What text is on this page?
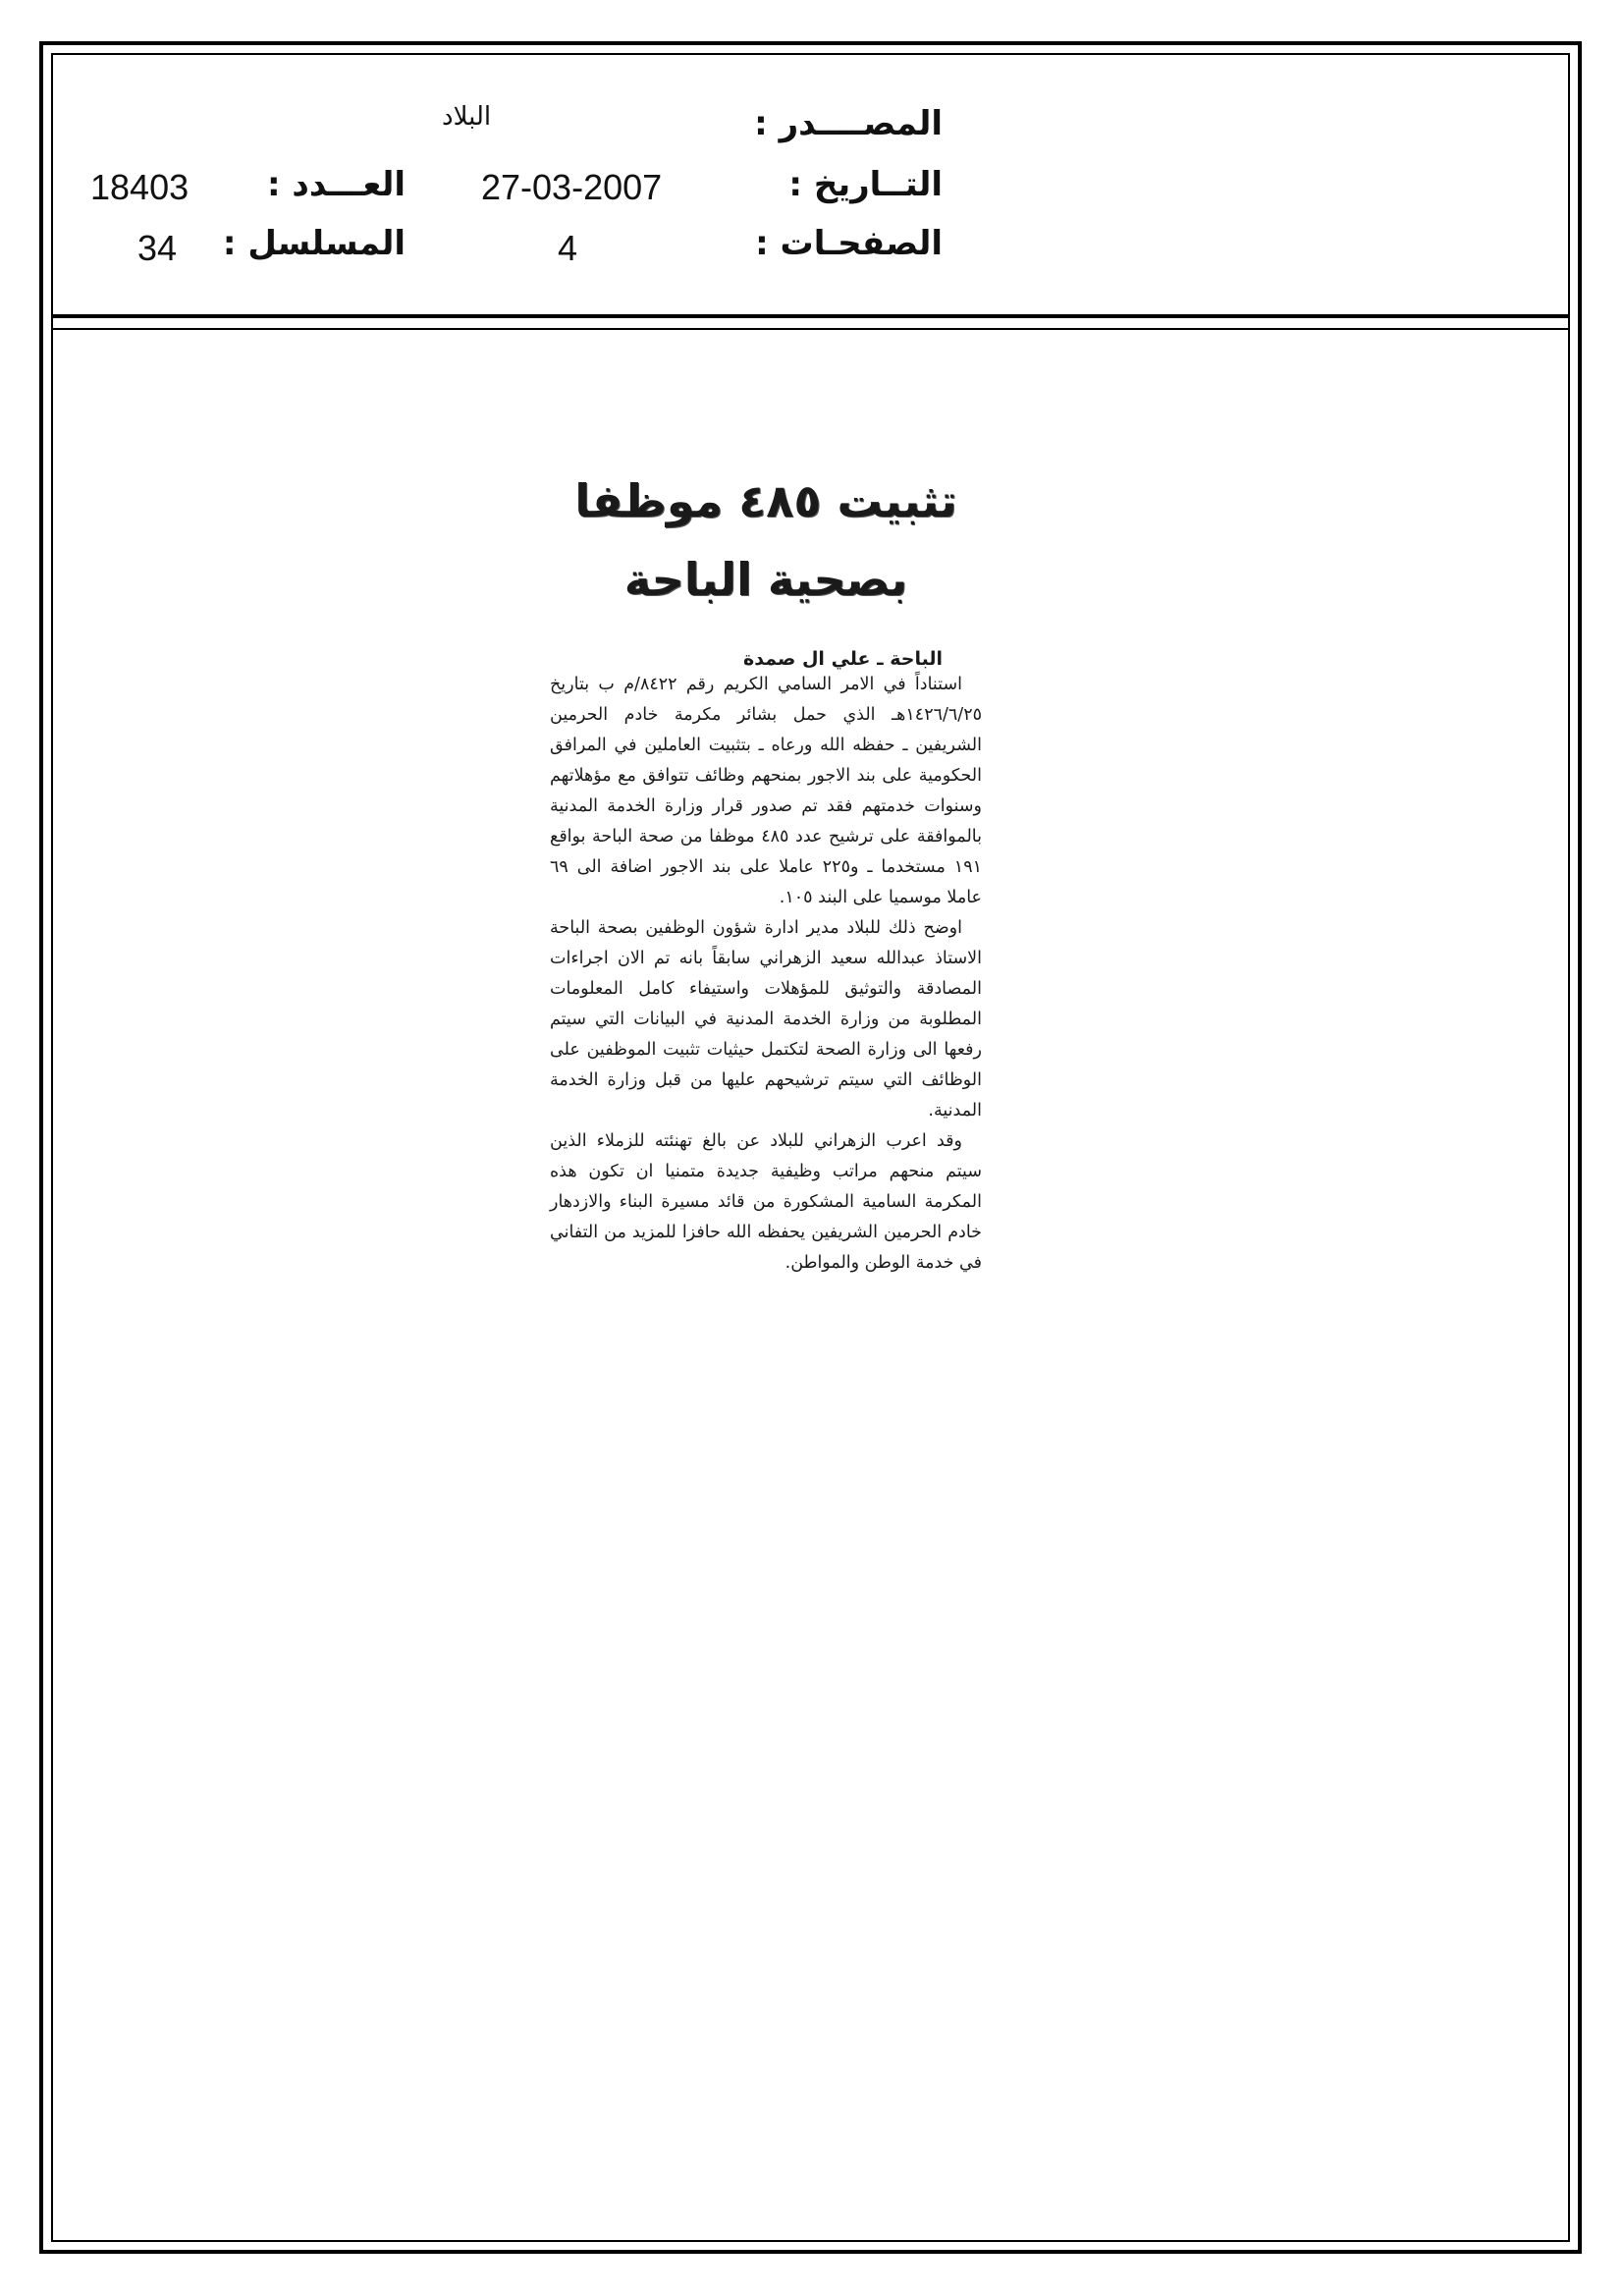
المصــــدر :
البلاد
التــاريخ :
27-03-2007
العـــدد :
18403
الصفحـات :
4
المسلسل :
34
تثبيت ٤٨٥ موظفا
بصحية الباحة
الباحة ـ علي ال صمدة

استناداً في الامر السامي الكريم رقم ٨٤٢٢/م ب بتاريخ ١٤٢٦/٦/٢٥هـ الذي حمل بشائر مكرمة خادم الحرمين الشريفين ـ حفظه الله ورعاه ـ بتثبيت العاملين في المرافق الحكومية على بند الاجور بمنحهم وظائف تتوافق مع مؤهلاتهم وسنوات خدمتهم فقد تم صدور قرار وزارة الخدمة المدنية بالموافقة على ترشيح عدد ٤٨٥ موظفا من صحة الباحة بواقع ١٩١ مستخدما ـ و٢٢٥ عاملا على بند الاجور اضافة الى ٦٩ عاملا موسميا على البند ١٠٥.

اوضح ذلك للبلاد مدير ادارة شؤون الوظفين بصحة الباحة الاستاذ عبدالله سعيد الزهراني سابقاً بانه تم الان اجراءات المصادقة والتوثيق للمؤهلات واستيفاء كامل المعلومات المطلوبة من وزارة الخدمة المدنية في البيانات التي سيتم رفعها الى وزارة الصحة لتكتمل حيثيات تثبيت الموظفين على الوظائف التي سيتم ترشيحهم عليها من قبل وزارة الخدمة المدنية.

وقد اعرب الزهراني للبلاد عن بالغ تهنئته للزملاء الذين سيتم منحهم مراتب وظيفية جديدة متمنيا ان تكون هذه المكرمة السامية المشكورة من قائد مسيرة البناء والازدهار خادم الحرمين الشريفين يحفظه الله حافزا للمزيد من التفاني في خدمة الوطن والمواطن.
